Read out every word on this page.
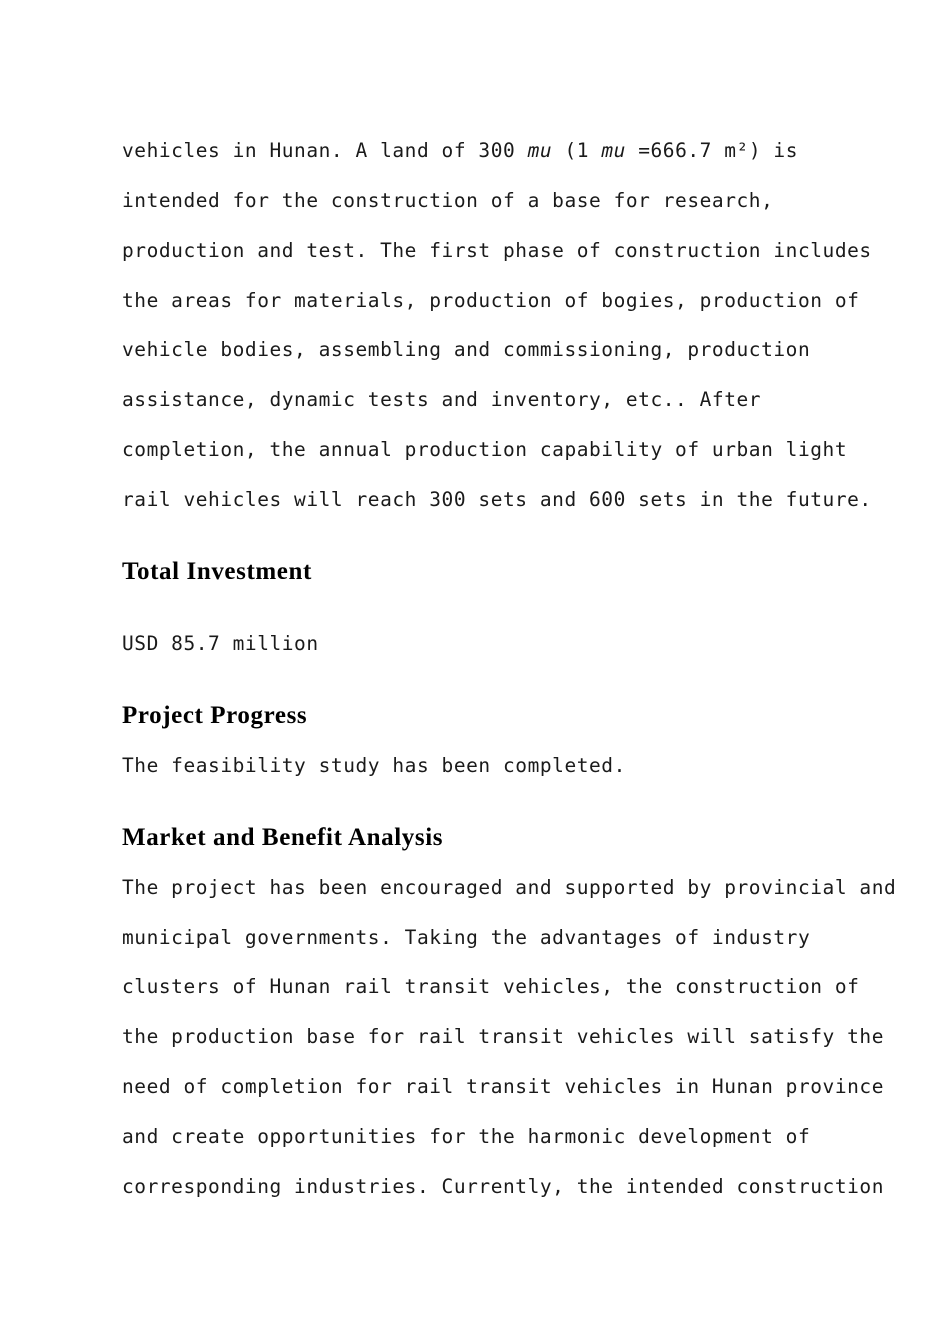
vehicles in Hunan. A land of 300 mu (1 mu =666.7 m²) is
intended for the construction of a base for research,
production and test. The first phase of construction includes
the areas for materials, production of bogies, production of
vehicle bodies, assembling and commissioning, production
assistance, dynamic tests and inventory, etc.. After
completion, the annual production capability of urban light
rail vehicles will reach 300 sets and 600 sets in the future.
Total Investment
USD 85.7 million
Project Progress
The feasibility study has been completed.
Market and Benefit Analysis
The project has been encouraged and supported by provincial and
municipal governments. Taking the advantages of industry
clusters of Hunan rail transit vehicles, the construction of
the production base for rail transit vehicles will satisfy the
need of completion for rail transit vehicles in Hunan province
and create opportunities for the harmonic development of
corresponding industries. Currently, the intended construction
